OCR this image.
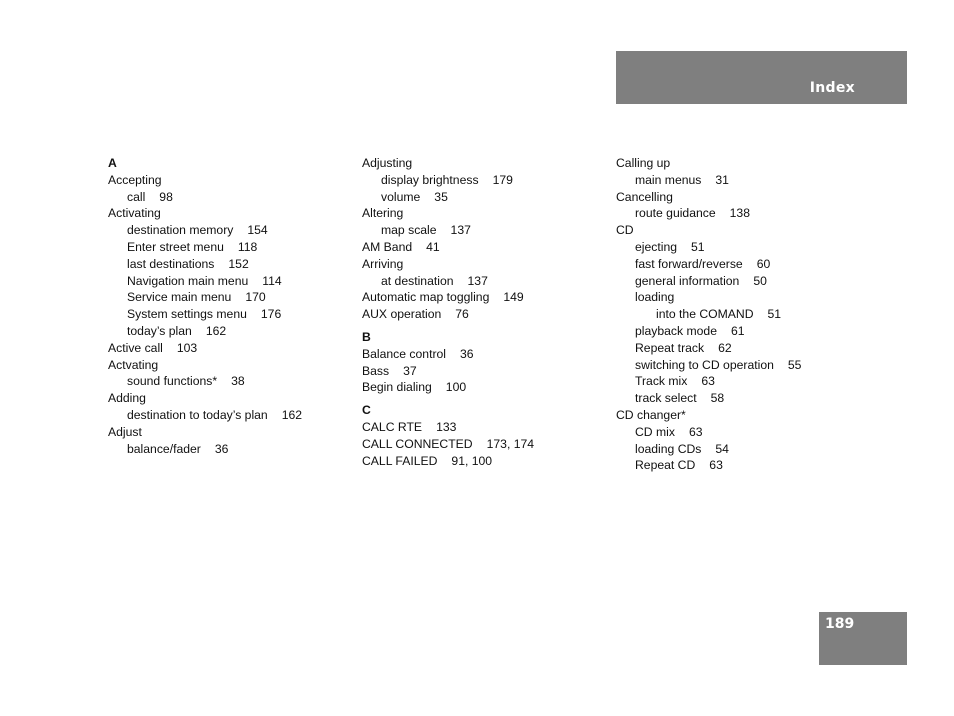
Index
A
Accepting
call 98
Activating
destination memory 154
Enter street menu 118
last destinations 152
Navigation main menu 114
Service main menu 170
System settings menu 176
today’s plan 162
Active call 103
Actvating
sound functions* 38
Adding
destination to today’s plan 162
Adjust
balance/fader 36
Adjusting
display brightness 179
volume 35
Altering
map scale 137
AM Band 41
Arriving
at destination 137
Automatic map toggling 149
AUX operation 76
B
Balance control 36
Bass 37
Begin dialing 100
C
CALC RTE 133
CALL CONNECTED 173, 174
CALL FAILED 91, 100
Calling up
main menus 31
Cancelling
route guidance 138
CD
ejecting 51
fast forward/reverse 60
general information 50
loading
into the COMAND 51
playback mode 61
Repeat track 62
switching to CD operation 55
Track mix 63
track select 58
CD changer*
CD mix 63
loading CDs 54
Repeat CD 63
189
